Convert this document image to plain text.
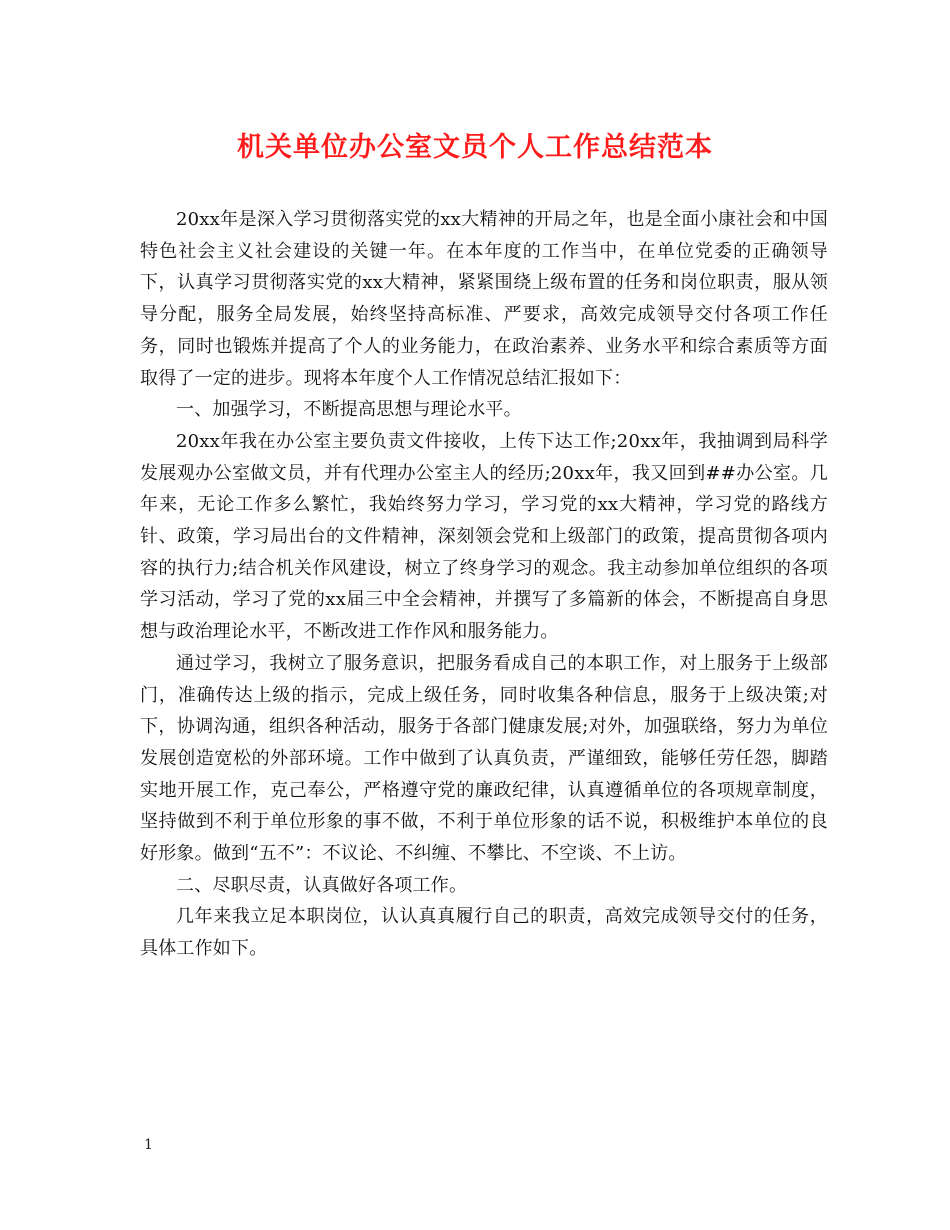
机关单位办公室文员个人工作总结范本

20xx年是深入学习贯彻落实党的xx大精神的开局之年，也是全面小康社会和中国特色社会主义社会建设的关键一年。在本年度的工作当中，在单位党委的正确领导下，认真学习贯彻落实党的xx大精神，紧紧围绕上级布置的任务和岗位职责，服从领导分配，服务全局发展，始终坚持高标准、严要求，高效完成领导交付各项工作任务，同时也锻炼并提高了个人的业务能力，在政治素养、业务水平和综合素质等方面取得了一定的进步。现将本年度个人工作情况总结汇报如下：

一、加强学习，不断提高思想与理论水平。

20xx年我在办公室主要负责文件接收，上传下达工作;20xx年，我抽调到局科学发展观办公室做文员，并有代理办公室主人的经历;20xx年，我又回到##办公室。几年来，无论工作多么繁忙，我始终努力学习，学习党的xx大精神，学习党的路线方针、政策，学习局出台的文件精神，深刻领会党和上级部门的政策，提高贯彻各项内容的执行力;结合机关作风建设，树立了终身学习的观念。我主动参加单位组织的各项学习活动，学习了党的xx届三中全会精神，并撰写了多篇新的体会，不断提高自身思想与政治理论水平，不断改进工作作风和服务能力。

通过学习，我树立了服务意识，把服务看成自己的本职工作，对上服务于上级部门，准确传达上级的指示，完成上级任务，同时收集各种信息，服务于上级决策;对下，协调沟通，组织各种活动，服务于各部门健康发展;对外，加强联络，努力为单位发展创造宽松的外部环境。工作中做到了认真负责，严谨细致，能够任劳任怨，脚踏实地开展工作，克己奉公，严格遵守党的廉政纪律，认真遵循单位的各项规章制度，坚持做到不利于单位形象的事不做，不利于单位形象的话不说，积极维护本单位的良好形象。做到“五不”：不议论、不纠缠、不攀比、不空谈、不上访。

二、尽职尽责，认真做好各项工作。

几年来我立足本职岗位，认认真真履行自己的职责，高效完成领导交付的任务，具体工作如下。

1
